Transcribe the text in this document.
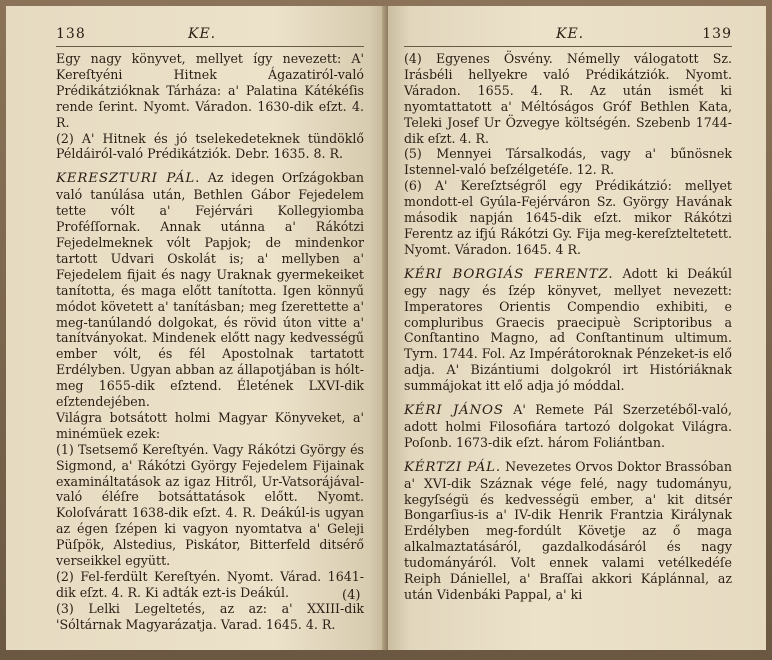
138	KE.

Egy nagy könyvet, mellyet így nevezett: A' Kereſtyéni Hitnek Ágazatiról-való Prédikátzióknak Tárháza: a' Palatina Kátékéſis rende ſerint. Nyomt. Váradon. 1630-dik eſzt. 4. R.

(2) A' Hitnek és jó tselekedeteknek tündöklő Példáiról-való Prédikátziók. Debr. 1635. 8. R.

KERESZTURI PÁL. Az idegen Orſzágokban való tanúlása után, Bethlen Gábor Fejedelem tette vólt a' Fejérvári Kollegyiomba Proféſſornak. Annak utánna a' Rákótzi Fejedelmeknek vólt Papjok; de mindenkor tartott Udvari Oskolát is; a' mellyben a' Fejedelem fijait és nagy Uraknak gyermekeiket tanította, és maga előtt tanította. Igen könnyű módot követett a' tanításban; meg ſzerettette a' meg-tanúlandó dolgokat, és rövid úton vitte a' tanítványokat. Mindenek előtt nagy kedvességű ember vólt, és fél Apostolnak tartatott Erdélyben. Ugyan abban az állapotjában is hólt-meg 1655-dik eſztend. Életének LXVI-dik eſztendejében.

Világra botsátott holmi Magyar Könyveket, a' minémüek ezek:

(1) Tsetsemő Kereſtyén. Vagy Rákótzi György és Sigmond, a' Rákótzi György Fejedelem Fijainak examináltatások az igaz Hitről, Ur-Vatsorájával-való éléſre botsáttatások előtt. Nyomt. Koloſváratt 1638-dik eſzt. 4. R. Deákúl-is ugyan az égen ſzépen ki vagyon nyomtatva a' Geleji Püſpök, Alstedius, Piskátor, Bitterfeld ditsérő verseikkel együtt.

(2) Fel-ferdült Kereſtyén. Nyomt. Várad. 1641-dik eſzt. 4. R. Ki adták ezt-is Deákúl.

(3) Lelki Legeltetés, az az: a' XXIII-dik 'Sóltárnak Magyarázatja. Varad. 1645. 4. R.

(4)
KE.	139

(4) Egyenes Ösvény. Némelly válogatott Sz. Irásbéli hellyekre való Prédikátziók. Nyomt. Váradon. 1655. 4. R. Az után ismét ki nyomtattatott a' Méltóságos Gróf Bethlen Kata, Teleki Josef Ur Özvegye költségén. Szebenb 1744-dik eſzt. 4. R.

(5) Mennyei Társalkodás, vagy a' bűnösnek Istennel-való beſzélgetéſe. 12. R.

(6) A' Kereſztségről egy Prédikátzió: mellyet mondott-el Gyúla-Fejérváron Sz. György Havának második napján 1645-dik eſzt. mikor Rákótzi Ferentz az ifjú Rákótzi Gy. Fija meg-kereſzteltetett. Nyomt. Váradon. 1645. 4 R.

KÉRI BORGIÁS FERENTZ. Adott ki Deákúl egy nagy és ſzép könyvet, mellyet nevezett: Imperatores Orientis Compendio exhibiti, e compluribus Graecis praecipuè Scriptoribus a Conſtantino Magno, ad Conſtantinum ultimum. Tyrn. 1744. Fol. Az Impérátoroknak Pénzeket-is elő adja. A' Bizántiumi dolgokról irt Históriáknak summájokat itt elő adja jó móddal.

KÉRI JÁNOS A' Remete Pál Szerzetéből-való, adott holmi Filosofiára tartozó dolgokat Világra. Poſonb. 1673-dik eſzt. három Foliántban.

KÉRTZI PÁL. Nevezetes Orvos Doktor Brassóban a' XVI-dik Száznak vége felé, nagy tudományu, kegyſségü és kedvességü ember, a' kit ditsér Bongarſius-is a' IV-dik Henrik Frantzia Királynak Erdélyben meg-fordúlt Követje az ő maga alkalmaztatásáról, gazdalkodásáról és nagy tudományáról. Volt ennek valami vetélkedéſe Reiph Dániellel, a' Braſſai akkori Káplánnal, az után Videnbáki Pappal, a' ki
